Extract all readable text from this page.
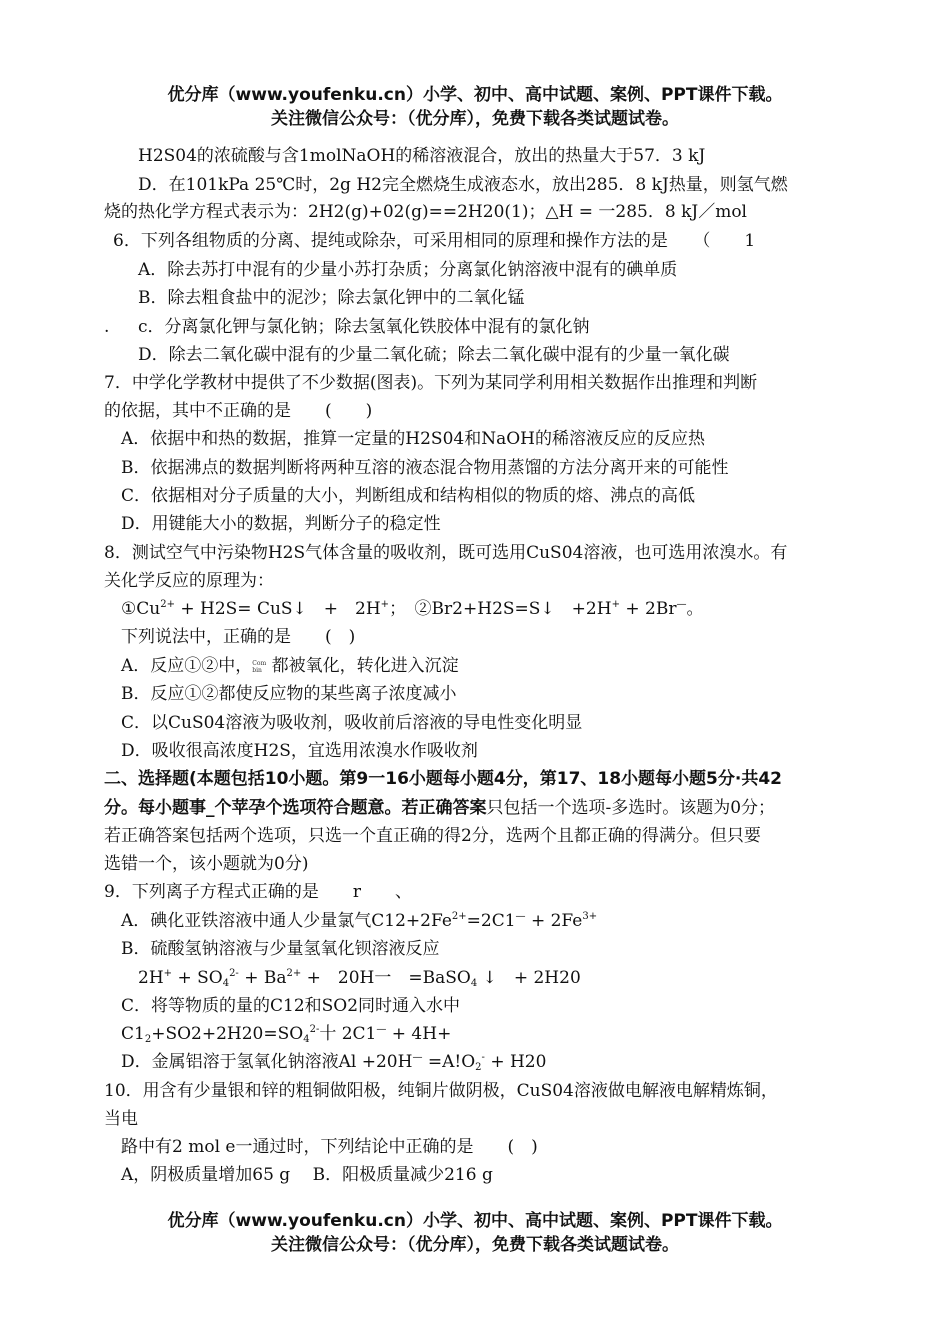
优分库（www.youfenku.cn）小学、初中、高中试题、案例、PPT课件下载。
关注微信公众号：（优分库），免费下载各类试题试卷。
H2S04的浓硫酸与含1molNaOH的稀溶液混合，放出的热量大于57．3 kJ
D．在101kPa 25℃时，2g H2完全燃烧生成液态水，放出285．8 kJ热量，则氢气燃
烧的热化学方程式表示为：2H2(g)+02(g)==2H20(1)；△H = 一285．8 kJ／mol
6．下列各组物质的分离、提纯或除杂，可采用相同的原理和操作方法的是　　（　　1
A．除去苏打中混有的少量小苏打杂质；分离氯化钠溶液中混有的碘单质
B．除去粗食盐中的泥沙；除去氯化钾中的二氧化锰
. c．分离氯化钾与氯化钠；除去氢氧化铁胶体中混有的氯化钠
D．除去二氧化碳中混有的少量二氧化硫；除去二氧化碳中混有的少量一氧化碳
7．中学化学教材中提供了不少数据(图表)。下列为某同学利用相关数据作出推理和判断
的依据，其中不正确的是　　(　　)
A．依据中和热的数据，推算一定量的H2S04和NaOH的稀溶液反应的反应热
B．依据沸点的数据判断将两种互溶的液态混合物用蒸馏的方法分离开来的可能性
C．依据相对分子质量的大小，判断组成和结构相似的物质的熔、沸点的高低
D．用键能大小的数据，判断分子的稳定性
8．测试空气中污染物H2S气体含量的吸收剂，既可选用CuS04溶液，也可选用浓溴水。有
关化学反应的原理为：
$①Cu^{2+} + H2S=$ CuS↓　+　2H+；　②Br2+H2S=S↓　+2H+ + 2Br—。
下列说法中，正确的是　　(　)
A．反应①②中，Com
bin 都被氧化，转化进入沉淀
B．反应①②都使反应物的某些离子浓度减小
C．以CuS04溶液为吸收剂，吸收前后溶液的导电性变化明显
D．吸收很高浓度H2S，宜选用浓溴水作吸收剂
二、选择题(本题包括10小题。第9一16小题每小题4分，第17、18小题每小题5分·共42
分。每小题事_个苹孕个选项符合题意。若正确答案只包括一个选项-多选时。该题为0分；
若正确答案包括两个选项，只选一个直正确的得2分，选两个且都正确的得满分。但只要
选错一个，该小题就为0分)
9．下列离子方程式正确的是　　r　　、
A．碘化亚铁溶液中通人少量氯气$C12+2Fe^{2+}=2C1^— + 2Fe^{3+}$
B．硫酸氢钠溶液与少量氢氧化钡溶液反应
$2H^+ + SO_4^{2-} + Ba^{2+}$ +　20H一　=BaSO$_4$ ↓　+ 2H20
C．将等物质的量的C12和SO2同时通入水中
$C1_2+SO2+2H20=SO_4^{2-}$十 2C1— + 4H+
D．金属铝溶于氢氧化钠溶液$Al +20H^— =A!O_2^- + H20$
10．用含有少量银和锌的粗铜做阳极，纯铜片做阴极，CuS04溶液做电解液电解精炼铜，
当电
路中有2 mol e一通过时，下列结论中正确的是　　(　)
A，阴极质量增加65 g　 B．阳极质量减少216 g
优分库（www.youfenku.cn）小学、初中、高中试题、案例、PPT课件下载。
关注微信公众号：（优分库），免费下载各类试题试卷。
